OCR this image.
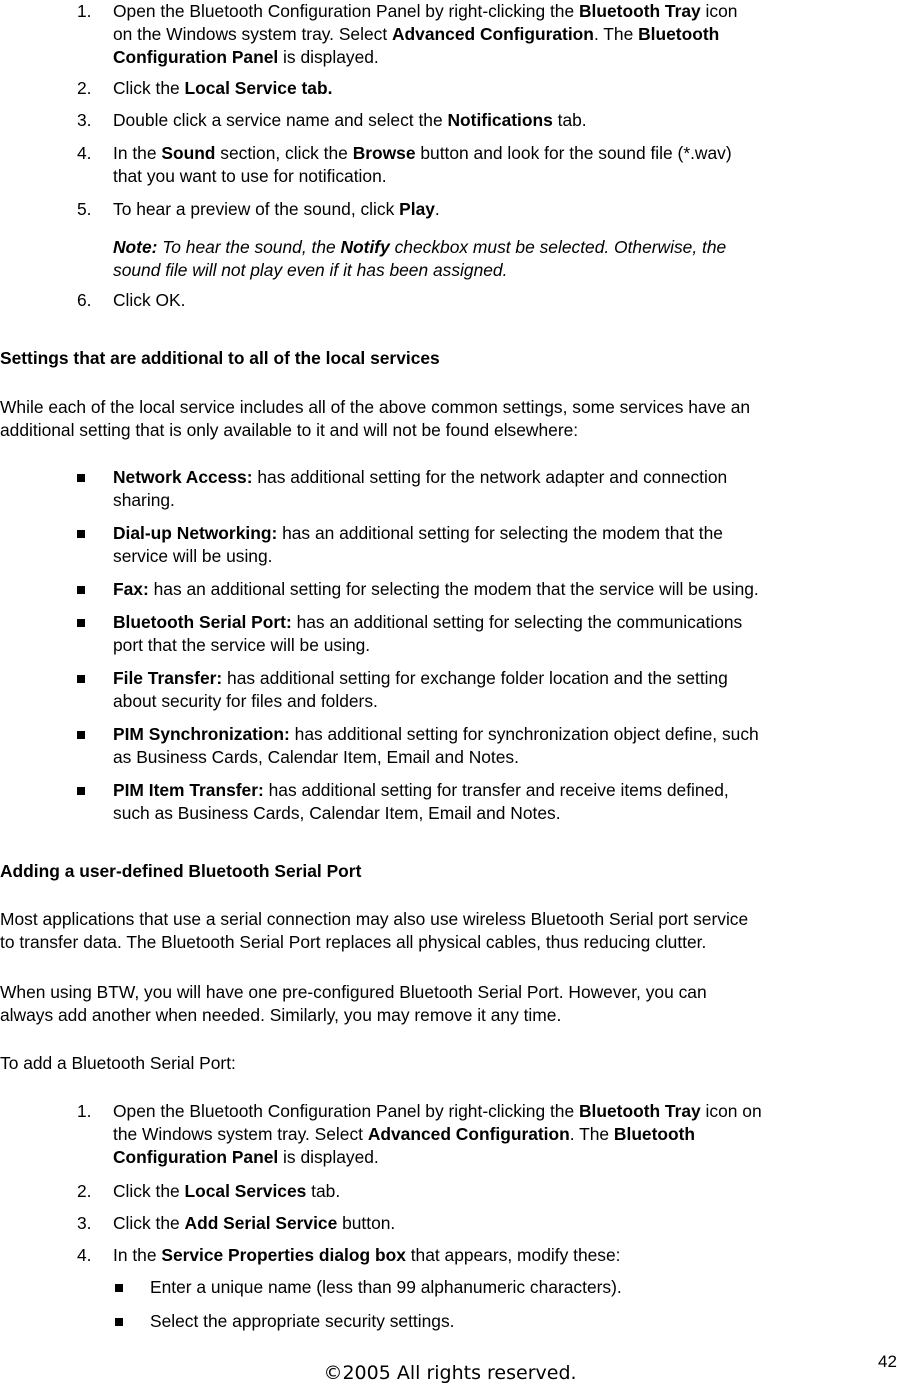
1. Open the Bluetooth Configuration Panel by right-clicking the Bluetooth Tray icon
on the Windows system tray. Select Advanced Configuration. The Bluetooth
Configuration Panel is displayed.
2. Click the Local Service tab.
3. Double click a service name and select the Notifications tab.
4. In the Sound section, click the Browse button and look for the sound file (*.wav)
that you want to use for notification.
5. To hear a preview of the sound, click Play.
Note: To hear the sound, the Notify checkbox must be selected. Otherwise, the
sound file will not play even if it has been assigned.
6. Click OK.
Settings that are additional to all of the local services
While each of the local service includes all of the above common settings, some services have an
additional setting that is only available to it and will not be found elsewhere:
Network Access: has additional setting for the network adapter and connection
sharing.
Dial-up Networking: has an additional setting for selecting the modem that the
service will be using.
Fax: has an additional setting for selecting the modem that the service will be using.
Bluetooth Serial Port: has an additional setting for selecting the communications
port that the service will be using.
File Transfer: has additional setting for exchange folder location and the setting
about security for files and folders.
PIM Synchronization: has additional setting for synchronization object define, such
as Business Cards, Calendar Item, Email and Notes.
PIM Item Transfer: has additional setting for transfer and receive items defined,
such as Business Cards, Calendar Item, Email and Notes.
Adding a user-defined Bluetooth Serial Port
Most applications that use a serial connection may also use wireless Bluetooth Serial port service
to transfer data. The Bluetooth Serial Port replaces all physical cables, thus reducing clutter.
When using BTW, you will have one pre-configured Bluetooth Serial Port. However, you can
always add another when needed. Similarly, you may remove it any time.
To add a Bluetooth Serial Port:
1. Open the Bluetooth Configuration Panel by right-clicking the Bluetooth Tray icon on
the Windows system tray. Select Advanced Configuration. The Bluetooth
Configuration Panel is displayed.
2. Click the Local Services tab.
3. Click the Add Serial Service button.
4. In the Service Properties dialog box that appears, modify these:
Enter a unique name (less than 99 alphanumeric characters).
Select the appropriate security settings.
42
©2005 All rights reserved.
